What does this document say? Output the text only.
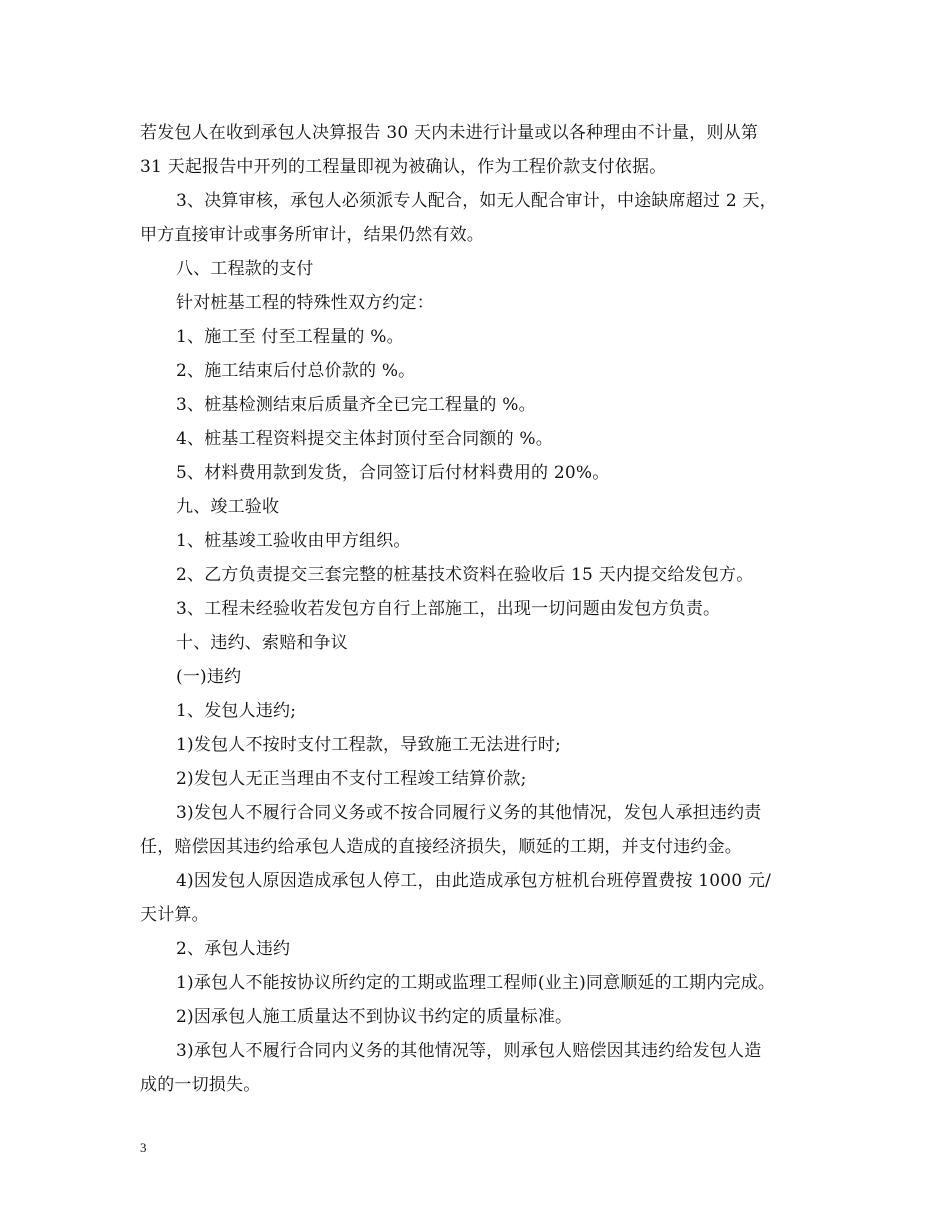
若发包人在收到承包人决算报告 30 天内未进行计量或以各种理由不计量，则从第
31 天起报告中开列的工程量即视为被确认，作为工程价款支付依据。
3、决算审核，承包人必须派专人配合，如无人配合审计，中途缺席超过 2 天，
甲方直接审计或事务所审计，结果仍然有效。
八、工程款的支付
针对桩基工程的特殊性双方约定：
1、施工至 付至工程量的 %。
2、施工结束后付总价款的 %。
3、桩基检测结束后质量齐全已完工程量的 %。
4、桩基工程资料提交主体封顶付至合同额的 %。
5、材料费用款到发货，合同签订后付材料费用的 20%。
九、竣工验收
1、桩基竣工验收由甲方组织。
2、乙方负责提交三套完整的桩基技术资料在验收后 15 天内提交给发包方。
3、工程未经验收若发包方自行上部施工，出现一切问题由发包方负责。
十、违约、索赔和争议
(一)违约
1、发包人违约;
1)发包人不按时支付工程款，导致施工无法进行时;
2)发包人无正当理由不支付工程竣工结算价款;
3)发包人不履行合同义务或不按合同履行义务的其他情况，发包人承担违约责
任，赔偿因其违约给承包人造成的直接经济损失，顺延的工期，并支付违约金。
4)因发包人原因造成承包人停工，由此造成承包方桩机台班停置费按 1000 元/
天计算。
2、承包人违约
1)承包人不能按协议所约定的工期或监理工程师(业主)同意顺延的工期内完成。
2)因承包人施工质量达不到协议书约定的质量标准。
3)承包人不履行合同内义务的其他情况等，则承包人赔偿因其违约给发包人造
成的一切损失。
3
